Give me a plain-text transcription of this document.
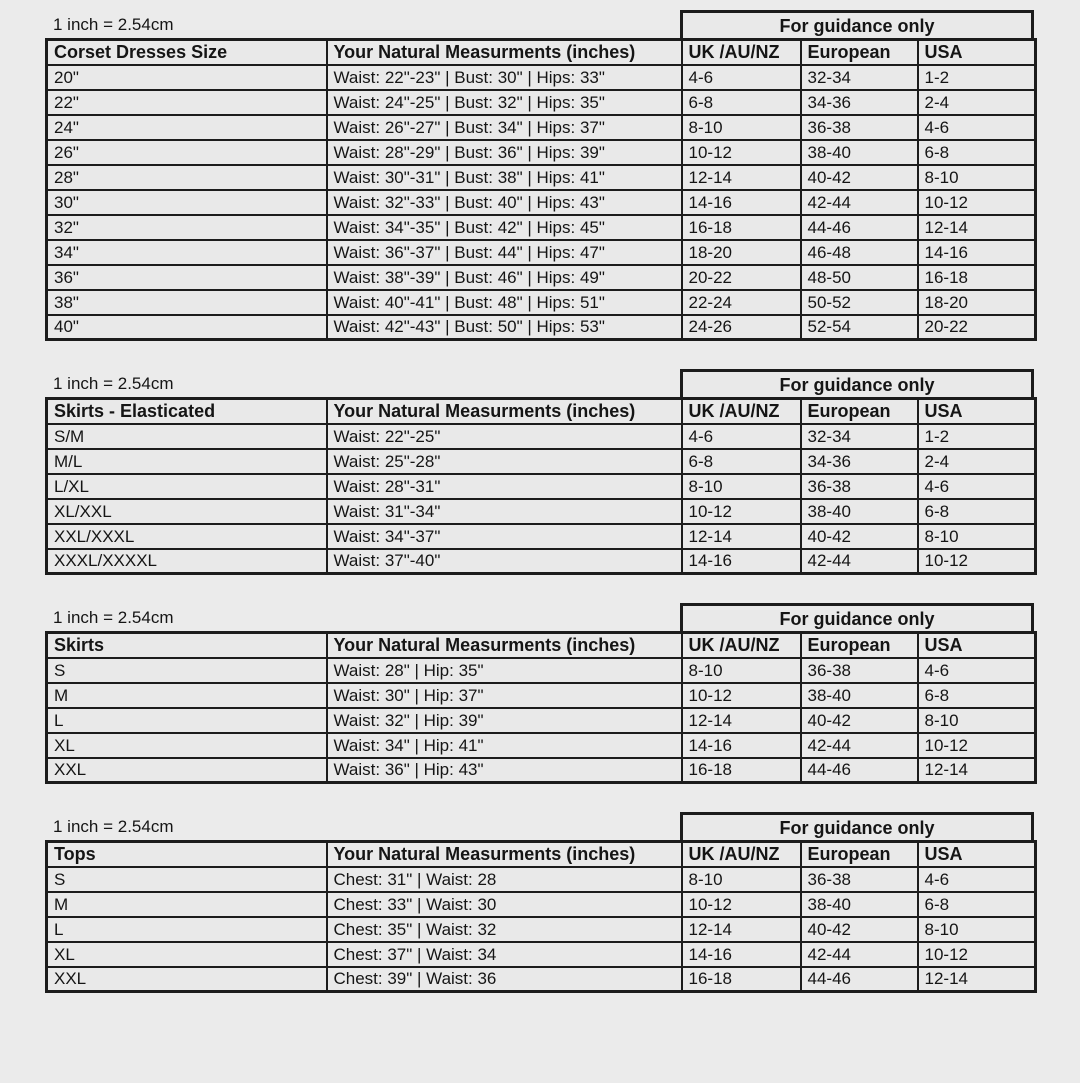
1 inch = 2.54cm	For guidance only
Corset Dresses Size	Your Natural Measurments (inches)	UK /AU/NZ	European	USA
20"	Waist: 22"-23" | Bust: 30" | Hips: 33"	4-6	32-34	1-2
22"	Waist: 24"-25" | Bust: 32" | Hips: 35"	6-8	34-36	2-4
24"	Waist: 26"-27" | Bust: 34" | Hips: 37"	8-10	36-38	4-6
26"	Waist: 28"-29" | Bust: 36" | Hips: 39"	10-12	38-40	6-8
28"	Waist: 30"-31" | Bust: 38" | Hips: 41"	12-14	40-42	8-10
30"	Waist: 32"-33" | Bust: 40" | Hips: 43"	14-16	42-44	10-12
32"	Waist: 34"-35" | Bust: 42" | Hips: 45"	16-18	44-46	12-14
34"	Waist: 36"-37" | Bust: 44" | Hips: 47"	18-20	46-48	14-16
36"	Waist: 38"-39" | Bust: 46" | Hips: 49"	20-22	48-50	16-18
38"	Waist: 40"-41" | Bust: 48" | Hips: 51"	22-24	50-52	18-20
40"	Waist: 42"-43" | Bust: 50" | Hips: 53"	24-26	52-54	20-22
1 inch = 2.54cm	For guidance only
Skirts - Elasticated	Your Natural Measurments (inches)	UK /AU/NZ	European	USA
S/M	Waist: 22"-25"	4-6	32-34	1-2
M/L	Waist: 25"-28"	6-8	34-36	2-4
L/XL	Waist: 28"-31"	8-10	36-38	4-6
XL/XXL	Waist: 31"-34"	10-12	38-40	6-8
XXL/XXXL	Waist: 34"-37"	12-14	40-42	8-10
XXXL/XXXXL	Waist: 37"-40"	14-16	42-44	10-12
1 inch = 2.54cm	For guidance only
Skirts	Your Natural Measurments (inches)	UK /AU/NZ	European	USA
S	Waist: 28" | Hip: 35"	8-10	36-38	4-6
M	Waist: 30" | Hip: 37"	10-12	38-40	6-8
L	Waist: 32" | Hip: 39"	12-14	40-42	8-10
XL	Waist: 34" | Hip: 41"	14-16	42-44	10-12
XXL	Waist: 36" | Hip: 43"	16-18	44-46	12-14
1 inch = 2.54cm	For guidance only
Tops	Your Natural Measurments (inches)	UK /AU/NZ	European	USA
S	Chest: 31" | Waist: 28	8-10	36-38	4-6
M	Chest: 33" | Waist: 30	10-12	38-40	6-8
L	Chest: 35" | Waist: 32	12-14	40-42	8-10
XL	Chest: 37" | Waist: 34	14-16	42-44	10-12
XXL	Chest: 39" | Waist: 36	16-18	44-46	12-14
